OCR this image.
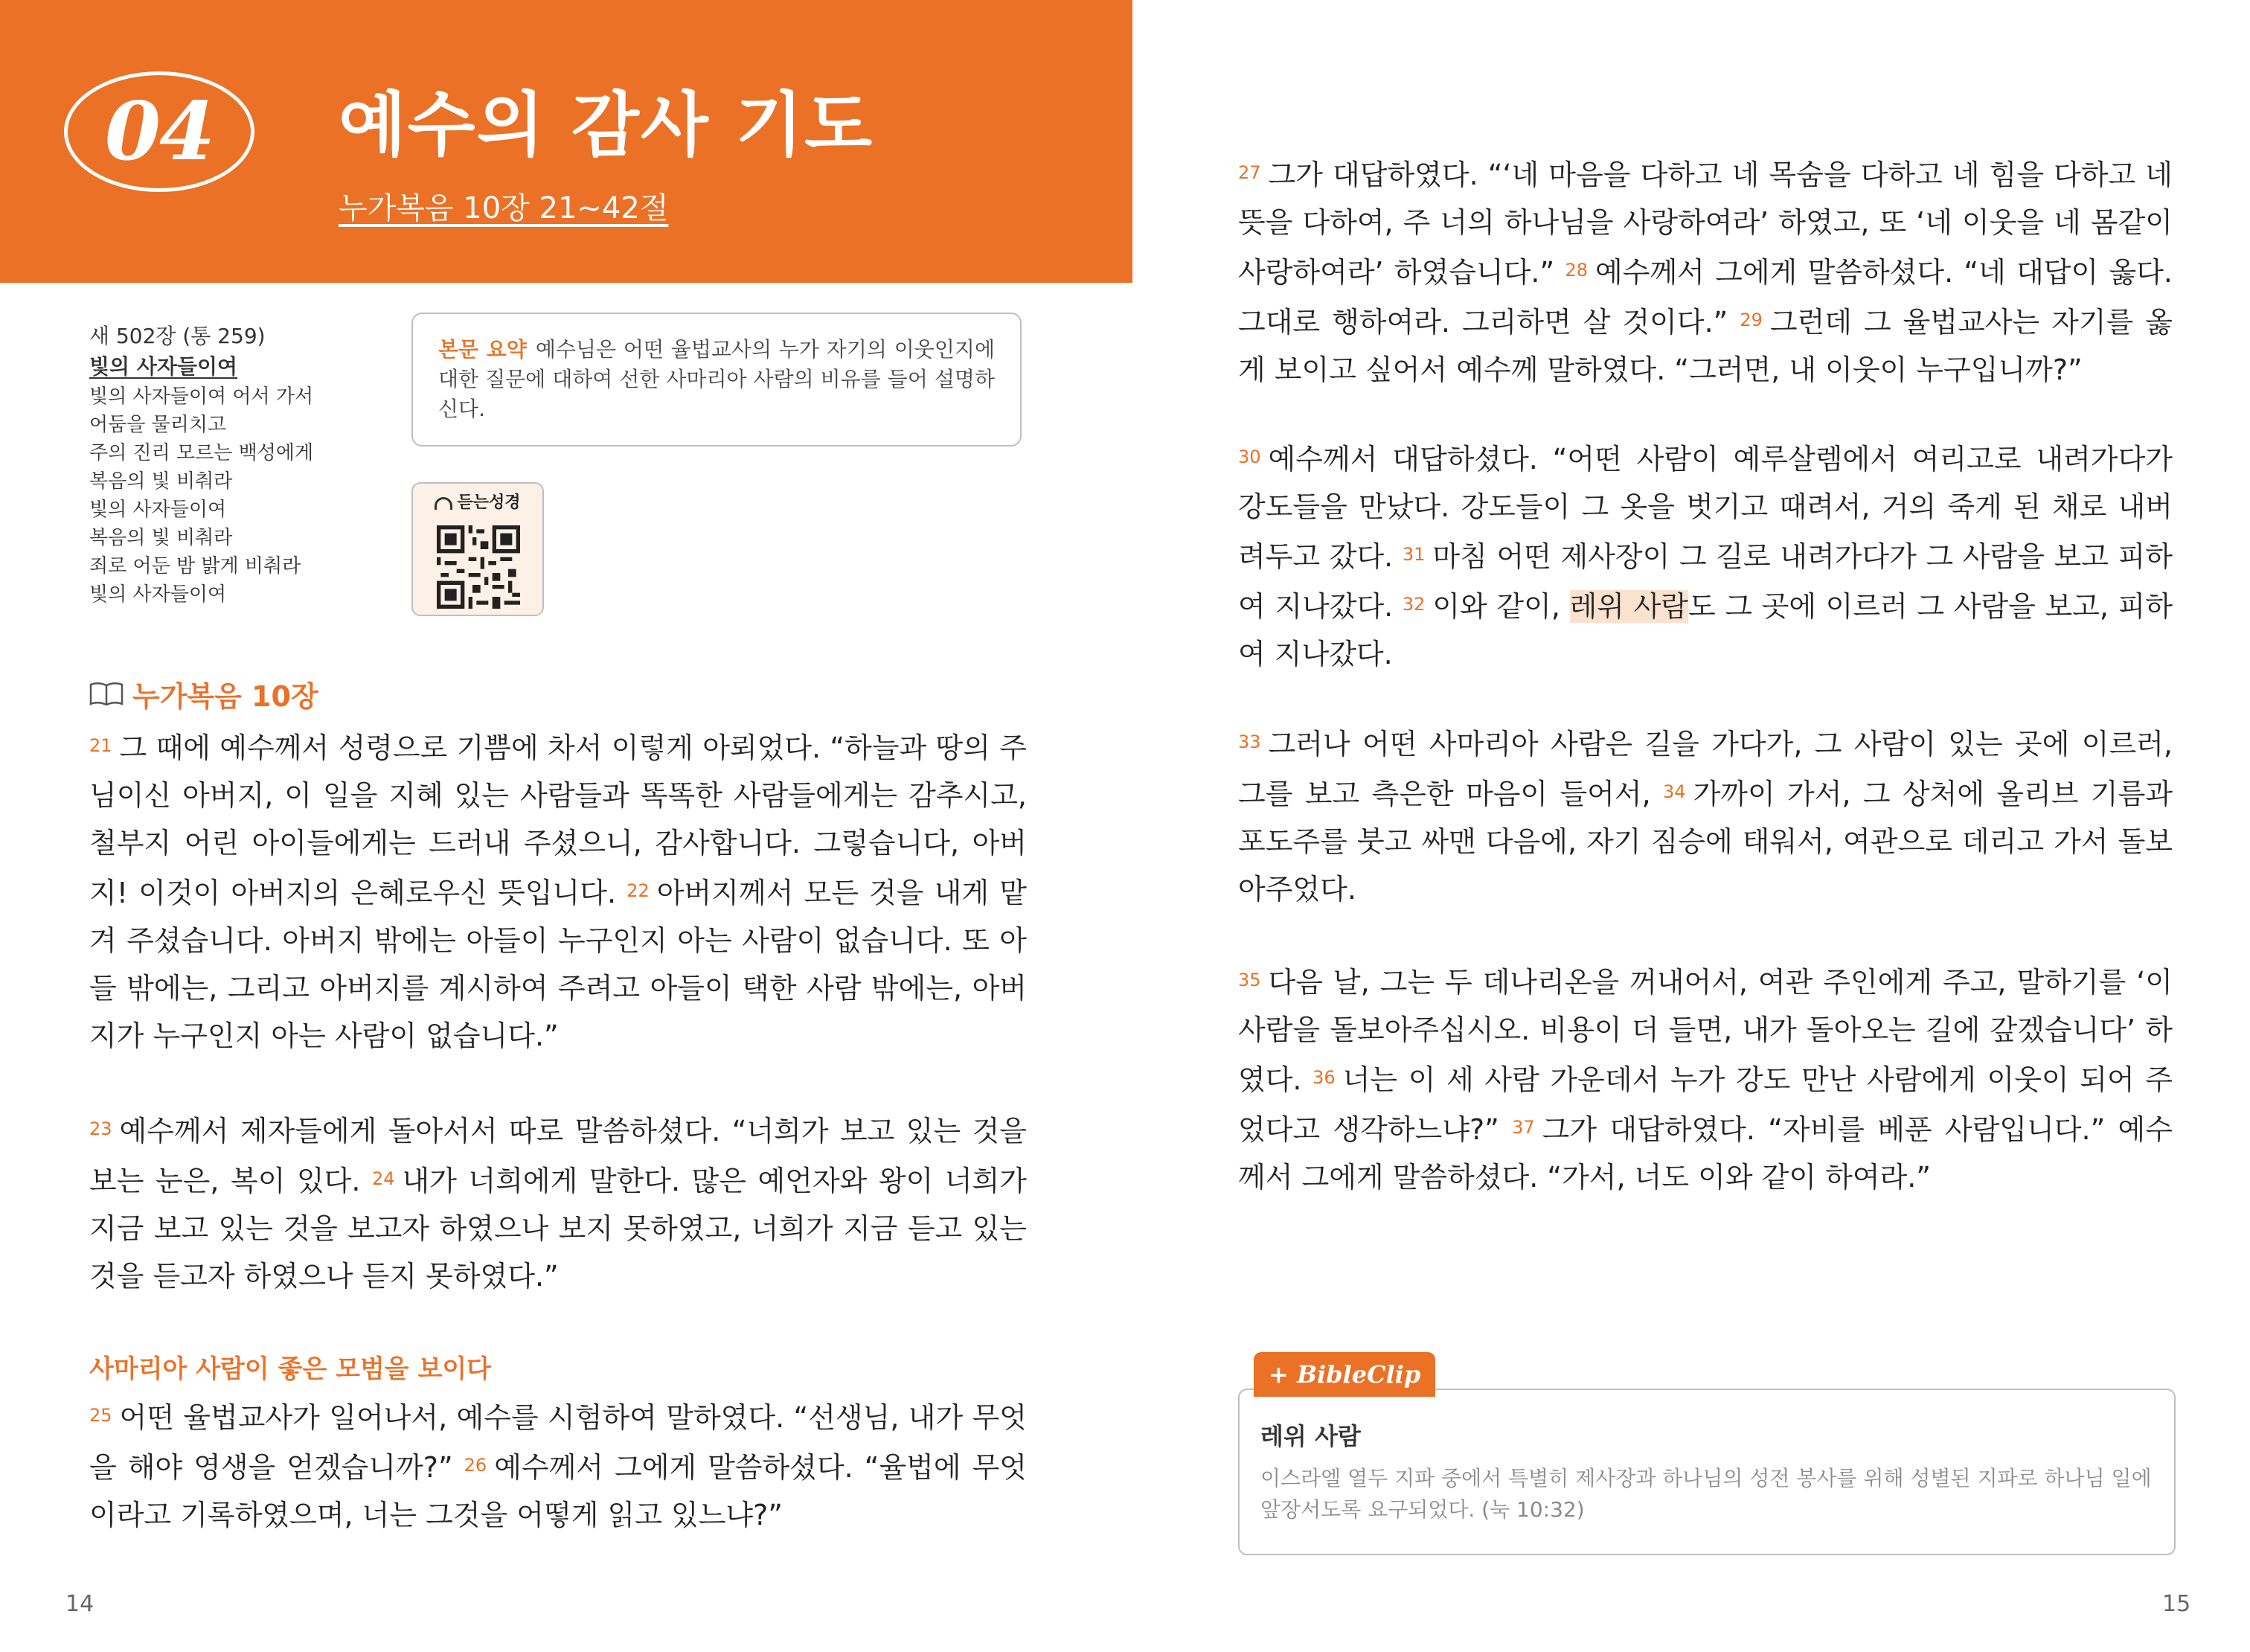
04	예수의 감사 기도
누가복음 10장 21~42절
새 502장 (통 259)
빛의 사자들이여
빛의 사자들이여 어서 가서
어둠을 물리치고
주의 진리 모르는 백성에게
복음의 빛 비춰라
빛의 사자들이여
복음의 빛 비춰라
죄로 어둔 밤 밝게 비춰라
빛의 사자들이여
본문 요약 예수님은 어떤 율법교사의 누가 자기의 이웃인지에 대한 질문에 대하여 선한 사마리아 사람의 비유를 들어 설명하신다.
듣는성경
누가복음 10장
$^{21}$ 그 때에 예수께서 성령으로 기쁨에 차서 이렇게 아뢰었다. “하늘과 땅의 주님이신 아버지, 이 일을 지혜 있는 사람들과 똑똑한 사람들에게는 감추시고, 철부지 어린 아이들에게는 드러내 주셨으니, 감사합니다. 그렇습니다, 아버지! 이것이 아버지의 은혜로우신 뜻입니다. $^{22}$ 아버지께서 모든 것을 내게 맡겨 주셨습니다. 아버지 밖에는 아들이 누구인지 아는 사람이 없습니다. 또 아들 밖에는, 그리고 아버지를 계시하여 주려고 아들이 택한 사람 밖에는, 아버지가 누구인지 아는 사람이 없습니다.”
$^{23}$ 예수께서 제자들에게 돌아서서 따로 말씀하셨다. “너희가 보고 있는 것을 보는 눈은, 복이 있다. $^{24}$ 내가 너희에게 말한다. 많은 예언자와 왕이 너희가 지금 보고 있는 것을 보고자 하였으나 보지 못하였고, 너희가 지금 듣고 있는 것을 듣고자 하였으나 듣지 못하였다.”
사마리아 사람이 좋은 모범을 보이다
$^{25}$ 어떤 율법교사가 일어나서, 예수를 시험하여 말하였다. “선생님, 내가 무엇을 해야 영생을 얻겠습니까?” $^{26}$ 예수께서 그에게 말씀하셨다. “율법에 무엇이라고 기록하였으며, 너는 그것을 어떻게 읽고 있느냐?”
$^{27}$ 그가 대답하였다. “‘네 마음을 다하고 네 목숨을 다하고 네 힘을 다하고 네 뜻을 다하여, 주 너의 하나님을 사랑하여라’ 하였고, 또 ‘네 이웃을 네 몸같이 사랑하여라’ 하였습니다.” $^{28}$ 예수께서 그에게 말씀하셨다. “네 대답이 옳다. 그대로 행하여라. 그리하면 살 것이다.” $^{29}$ 그런데 그 율법교사는 자기를 옳게 보이고 싶어서 예수께 말하였다. “그러면, 내 이웃이 누구입니까?”
$^{30}$ 예수께서 대답하셨다. “어떤 사람이 예루살렘에서 여리고로 내려가다가 강도들을 만났다. 강도들이 그 옷을 벗기고 때려서, 거의 죽게 된 채로 내버려두고 갔다. $^{31}$ 마침 어떤 제사장이 그 길로 내려가다가 그 사람을 보고 피하여 지나갔다. $^{32}$ 이와 같이, 레위 사람도 그 곳에 이르러 그 사람을 보고, 피하여 지나갔다.
$^{33}$ 그러나 어떤 사마리아 사람은 길을 가다가, 그 사람이 있는 곳에 이르러, 그를 보고 측은한 마음이 들어서, $^{34}$ 가까이 가서, 그 상처에 올리브 기름과 포도주를 붓고 싸맨 다음에, 자기 짐승에 태워서, 여관으로 데리고 가서 돌보아주었다.
$^{35}$ 다음 날, 그는 두 데나리온을 꺼내어서, 여관 주인에게 주고, 말하기를 ‘이 사람을 돌보아주십시오. 비용이 더 들면, 내가 돌아오는 길에 갚겠습니다’ 하였다. $^{36}$ 너는 이 세 사람 가운데서 누가 강도 만난 사람에게 이웃이 되어 주었다고 생각하느냐?” $^{37}$ 그가 대답하였다. “자비를 베푼 사람입니다.” 예수께서 그에게 말씀하셨다. “가서, 너도 이와 같이 하여라.”
+ BibleClip
레위 사람
이스라엘 열두 지파 중에서 특별히 제사장과 하나님의 성전 봉사를 위해 성별된 지파로 하나님 일에 앞장서도록 요구되었다. (눅 10:32)
14	15
